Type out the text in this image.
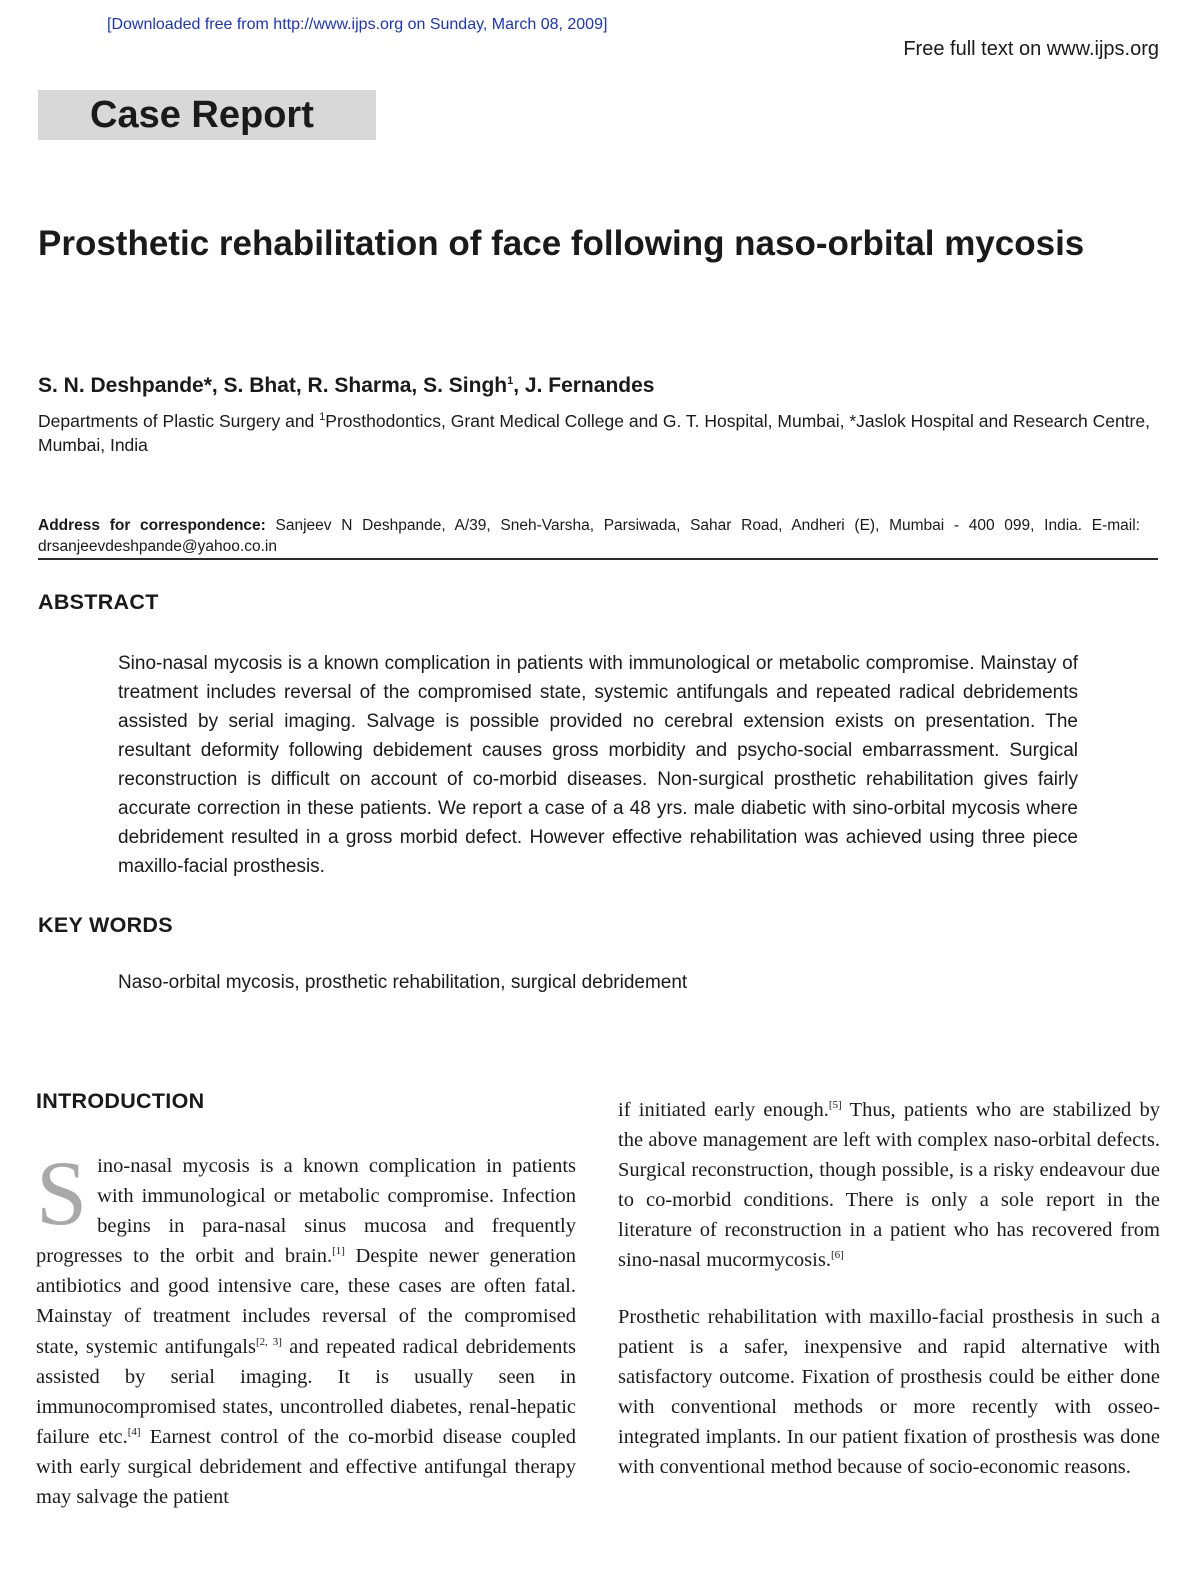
[Downloaded free from http://www.ijps.org on Sunday, March 08, 2009]
Free full text on www.ijps.org
Case Report
Prosthetic rehabilitation of face following naso-orbital mycosis
S. N. Deshpande*, S. Bhat, R. Sharma, S. Singh$^1$, J. Fernandes
Departments of Plastic Surgery and $^1$Prosthodontics, Grant Medical College and G. T. Hospital, Mumbai, *Jaslok Hospital and Research Centre, Mumbai, India
Address for correspondence: Sanjeev N Deshpande, A/39, Sneh-Varsha, Parsiwada, Sahar Road, Andheri (E), Mumbai - 400 099, India. E-mail: drsanjeevdeshpande@yahoo.co.in
ABSTRACT
Sino-nasal mycosis is a known complication in patients with immunological or metabolic compromise. Mainstay of treatment includes reversal of the compromised state, systemic antifungals and repeated radical debridements assisted by serial imaging. Salvage is possible provided no cerebral extension exists on presentation. The resultant deformity following debidement causes gross morbidity and psycho-social embarrassment. Surgical reconstruction is difficult on account of co-morbid diseases. Non-surgical prosthetic rehabilitation gives fairly accurate correction in these patients. We report a case of a 48 yrs. male diabetic with sino-orbital mycosis where debridement resulted in a gross morbid defect. However effective rehabilitation was achieved using three piece maxillo-facial prosthesis.
KEY WORDS
Naso-orbital mycosis, prosthetic rehabilitation, surgical debridement
INTRODUCTION

Sino-nasal mycosis is a known complication in patients with immunological or metabolic compromise. Infection begins in para-nasal sinus mucosa and frequently progresses to the orbit and brain.[1] Despite newer generation antibiotics and good intensive care, these cases are often fatal. Mainstay of treatment includes reversal of the compromised state, systemic antifungals[2, 3] and repeated radical debridements assisted by serial imaging. It is usually seen in immunocompromised states, uncontrolled diabetes, renal-hepatic failure etc.[4] Earnest control of the co-morbid disease coupled with early surgical debridement and effective antifungal therapy may salvage the patient

if initiated early enough.[5] Thus, patients who are stabilized by the above management are left with complex naso-orbital defects. Surgical reconstruction, though possible, is a risky endeavour due to co-morbid conditions. There is only a sole report in the literature of reconstruction in a patient who has recovered from sino-nasal mucormycosis.[6]

Prosthetic rehabilitation with maxillo-facial prosthesis in such a patient is a safer, inexpensive and rapid alternative with satisfactory outcome. Fixation of prosthesis could be either done with conventional methods or more recently with osseo-integrated implants. In our patient fixation of prosthesis was done with conventional method because of socio-economic reasons.
